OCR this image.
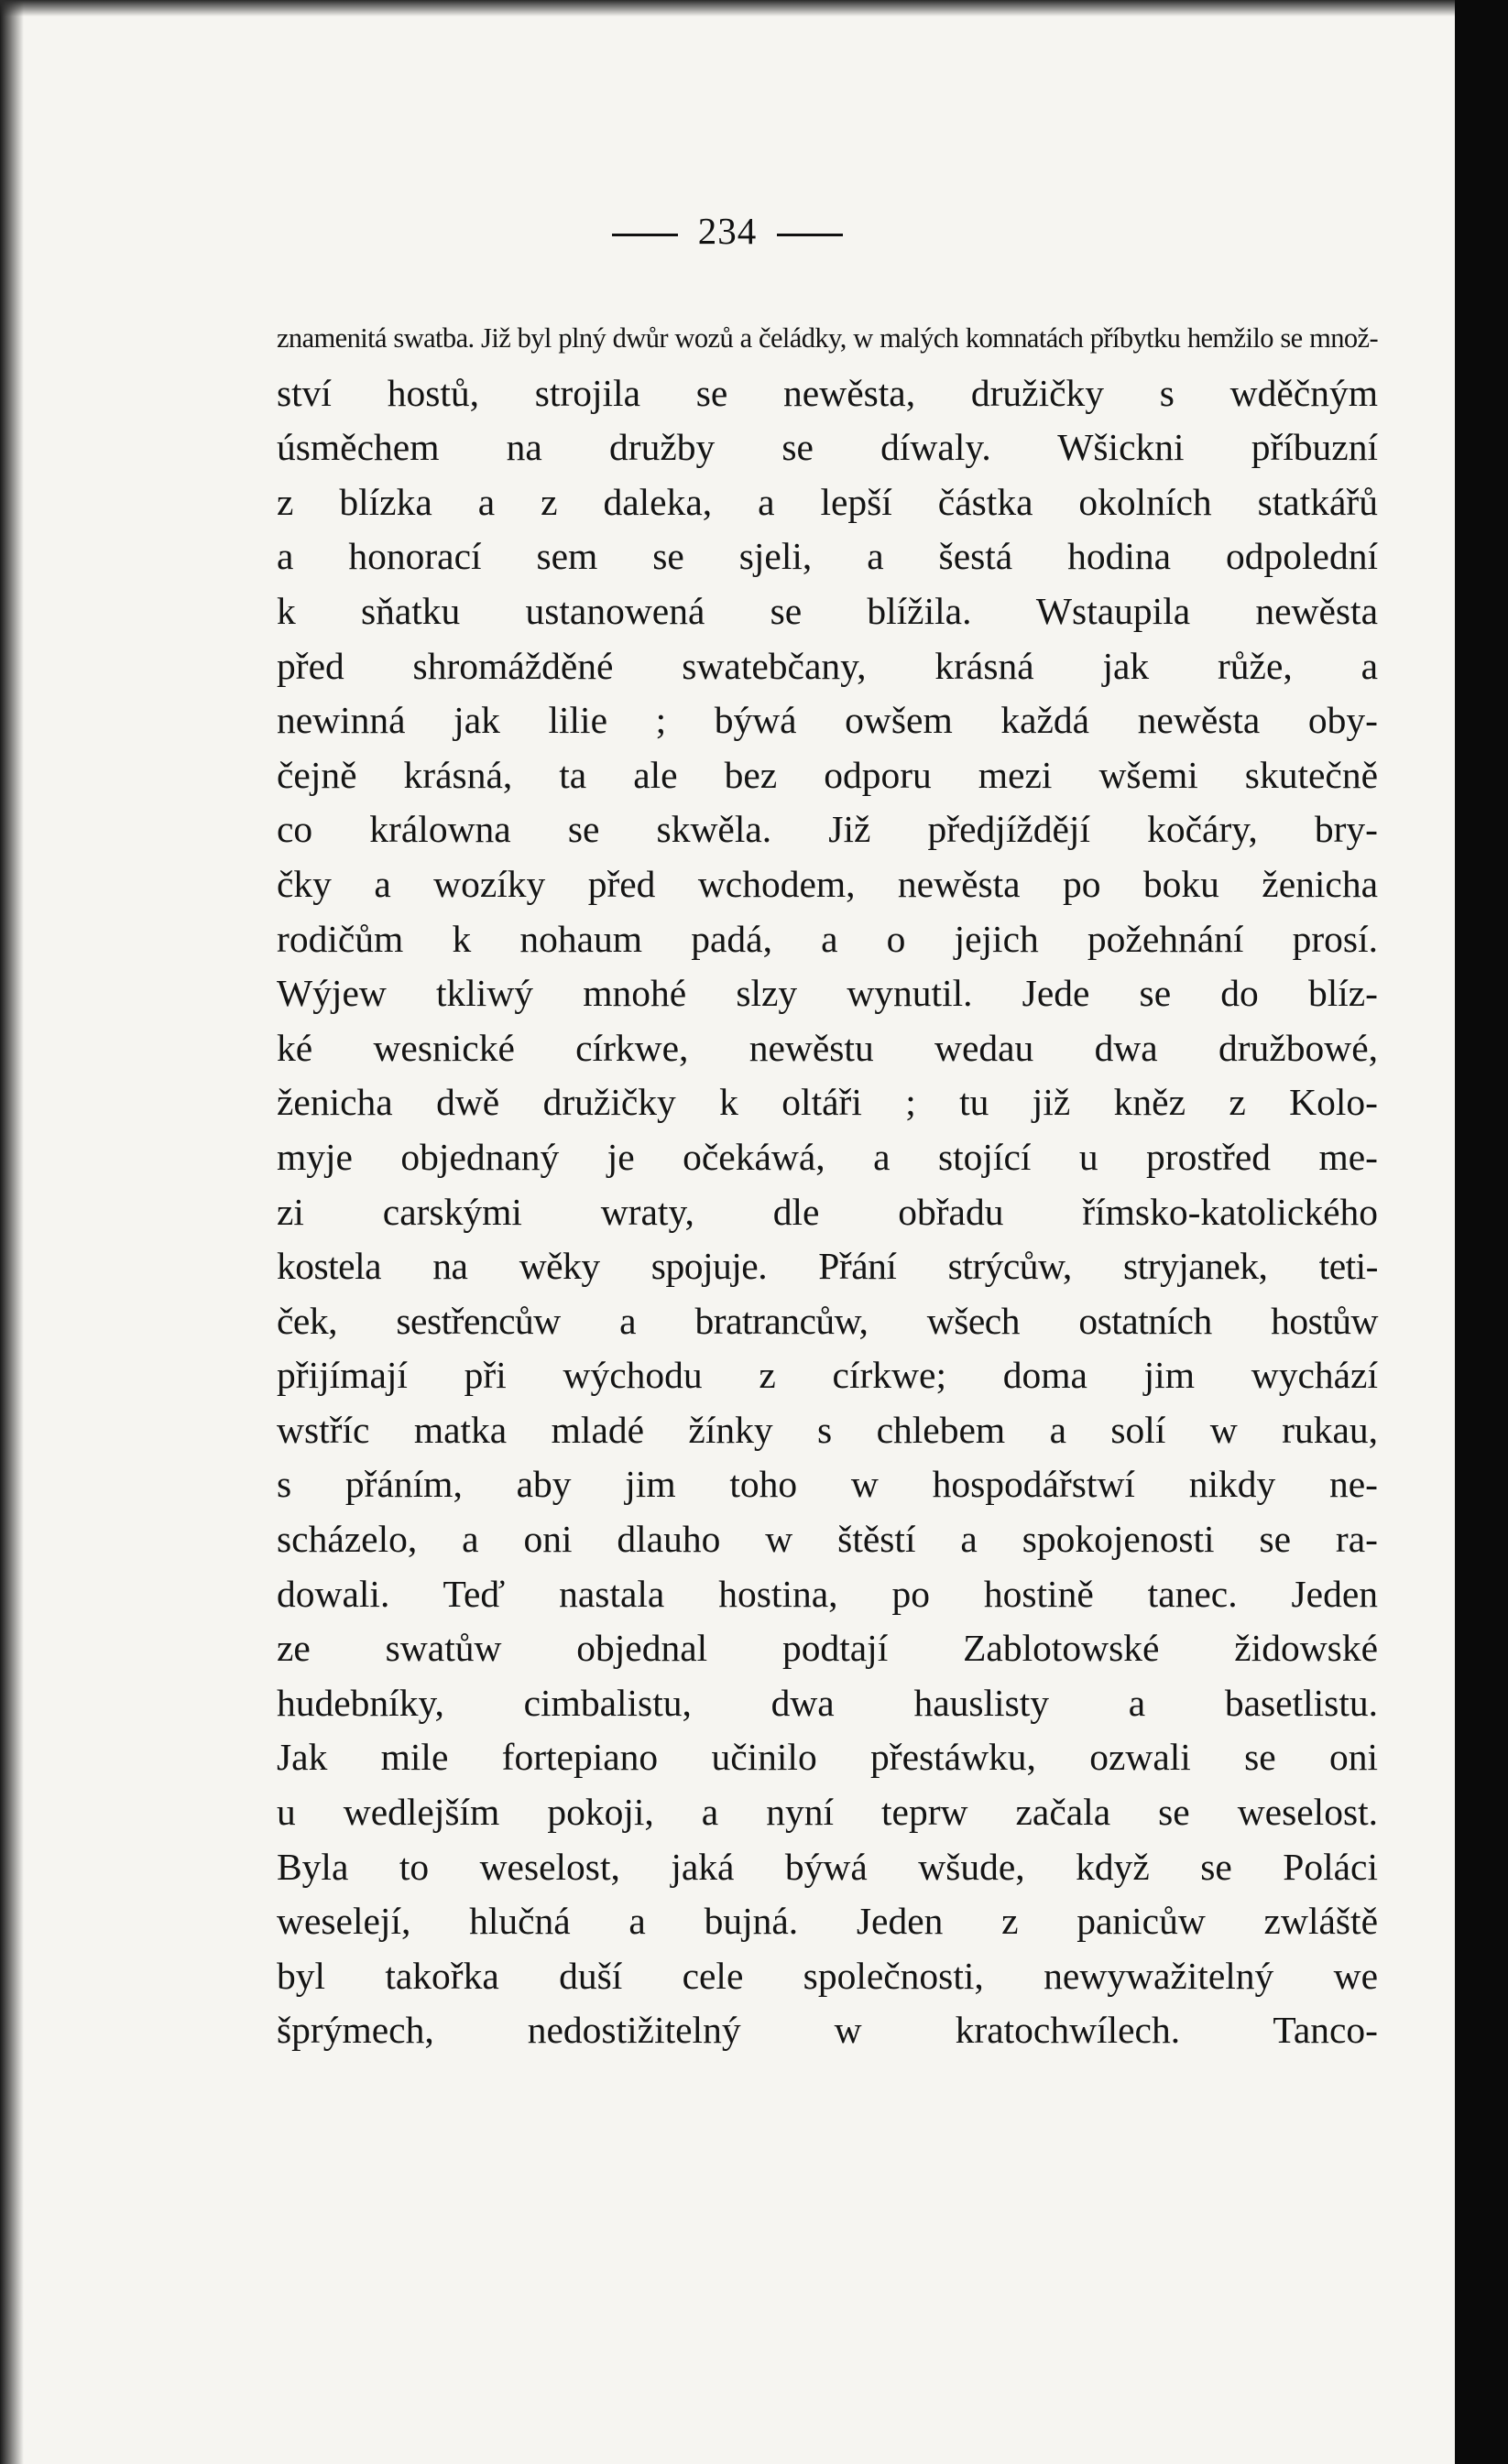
234
znamenitá swatba. Již byl plný dwůr wozů a čeládky, w malých komnatách příbytku hemžilo se množ-
ství hostů, strojila se newěsta, družičky s wděčným
úsměchem na družby se díwaly. Wšickni příbuzní
z blízka a z daleka, a lepší částka okolních statkářů
a honorací sem se sjeli, a šestá hodina odpolední
k sňatku ustanowená se blížila. Wstaupila newěsta
před shromážděné swatebčany, krásná jak růže, a
newinná jak lilie ; býwá owšem každá newěsta oby-
čejně krásná, ta ale bez odporu mezi wšemi skutečně
co králowna se skwěla. Již předjíždějí kočáry, bry-
čky a wozíky před wchodem, newěsta po boku ženicha
rodičům k nohaum padá, a o jejich požehnání prosí.
Wýjew tkliwý mnohé slzy wynutil. Jede se do blíz-
ké wesnické církwe, newěstu wedau dwa družbowé,
ženicha dwě družičky k oltáři ; tu již kněz z Kolo-
myje objednaný je očekáwá, a stojící u prostřed me-
zi carskými wraty, dle obřadu římsko-katolického
kostela na wěky spojuje. Přání strýcůw, stryjanek, teti-
ček, sestřencůw a bratrancůw, wšech ostatních hostůw
přijímají při wýchodu z církwe; doma jim wychází
wstříc matka mladé žínky s chlebem a solí w rukau,
s přáním, aby jim toho w hospodářstwí nikdy ne-
scházelo, a oni dlauho w štěstí a spokojenosti se ra-
dowali. Teď nastala hostina, po hostině tanec. Jeden
ze swatůw objednal podtají Zablotowské židowské
hudebníky, cimbalistu, dwa hauslisty a basetlistu.
Jak mile fortepiano učinilo přestáwku, ozwali se oni
u wedlejším pokoji, a nyní teprw začala se weselost.
Byla to weselost, jaká býwá wšude, když se Poláci
weselejí, hlučná a bujná. Jeden z panicůw zwláště
byl takořka duší cele společnosti, newywažitelný we
šprýmech, nedostižitelný w kratochwílech. Tanco-
